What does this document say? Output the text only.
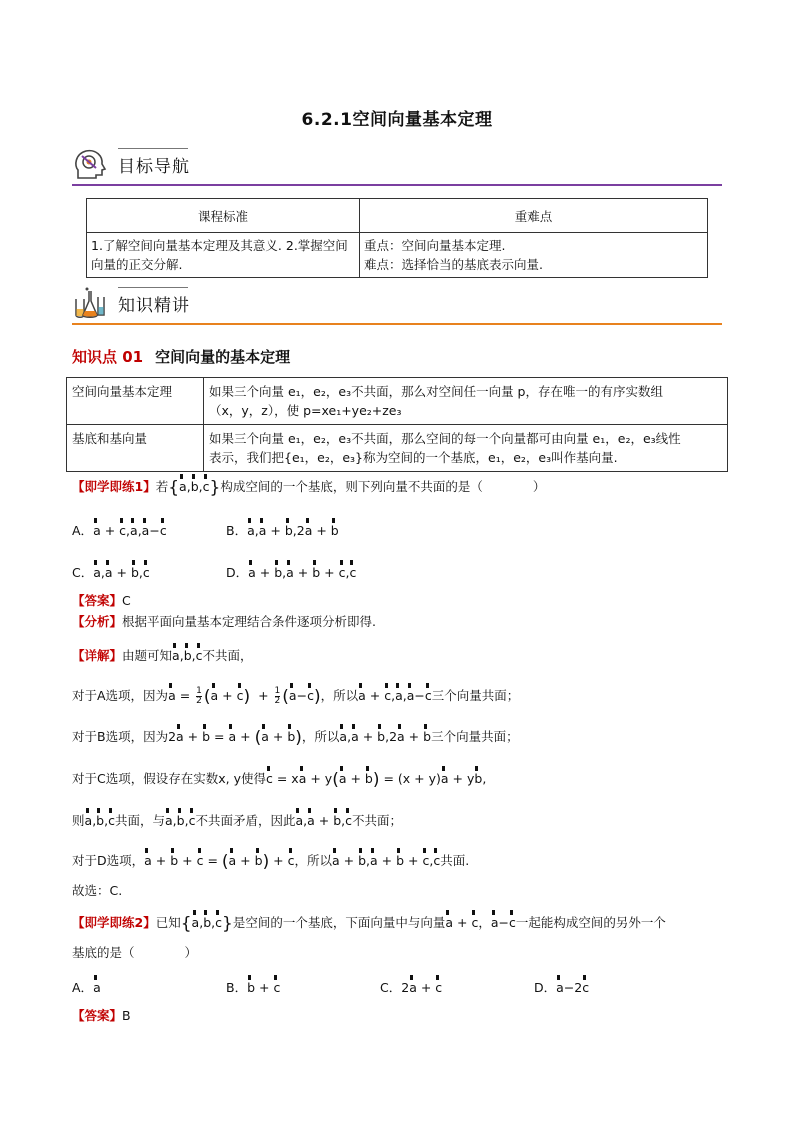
6.2.1空间向量基本定理
目标导航
课程标准	重难点
1.了解空间向量基本定理及其意义. 2.掌握空间向量的正交分解.	重点：空间向量基本定理.
难点：选择恰当的基底表示向量.
知识精讲
知识点 01 空间向量的基本定理
空间向量基本定理	如果三个向量 e₁，e₂，e₃不共面，那么对空间任一向量 p，存在唯一的有序实数组
（x，y，z），使 p=xe₁+ye₂+ze₃

基底和基向量	如果三个向量 e₁，e₂，e₃不共面，那么空间的每一个向量都可由向量 e₁，e₂，e₃线性
表示，我们把{e₁，e₂，e₃}称为空间的一个基底，e₁，e₂，e₃叫作基向量.
【即学即练1】若{a,b,c}构成空间的一个基底，则下列向量不共面的是（　　　　）
A．a + c,a,a−c	B．a,a + b,2a + b
C．a,a + b,c	D．a + b,a + b + c,c
【答案】C
【分析】根据平面向量基本定理结合条件逐项分析即得.
【详解】由题可知a,b,c不共面，
对于A选项，因为$a = \frac{1}{2} (a + c) + \frac{1}{2} (a-c)$，所以a + c,a,a−c三个向量共面；
对于B选项，因为2a + b = a + (a + b)，所以a,a + b,2a + b三个向量共面；
对于C选项，假设存在实数x, y使得c = xa + y(a + b) = (x + y)a + yb,
则a,b,c共面，与a,b,c不共面矛盾，因此a,a + b,c不共面；
对于D选项，a + b + c = (a + b) + c，所以a + b,a + b + c,c共面.
故选：C.
【即学即练2】已知{a,b,c}是空间的一个基底，下面向量中与向量a + c，a−c一起能构成空间的另外一个
基底的是（　　　　）
A．a	B．b + c	C．2a + c	D．a−2c
【答案】B
